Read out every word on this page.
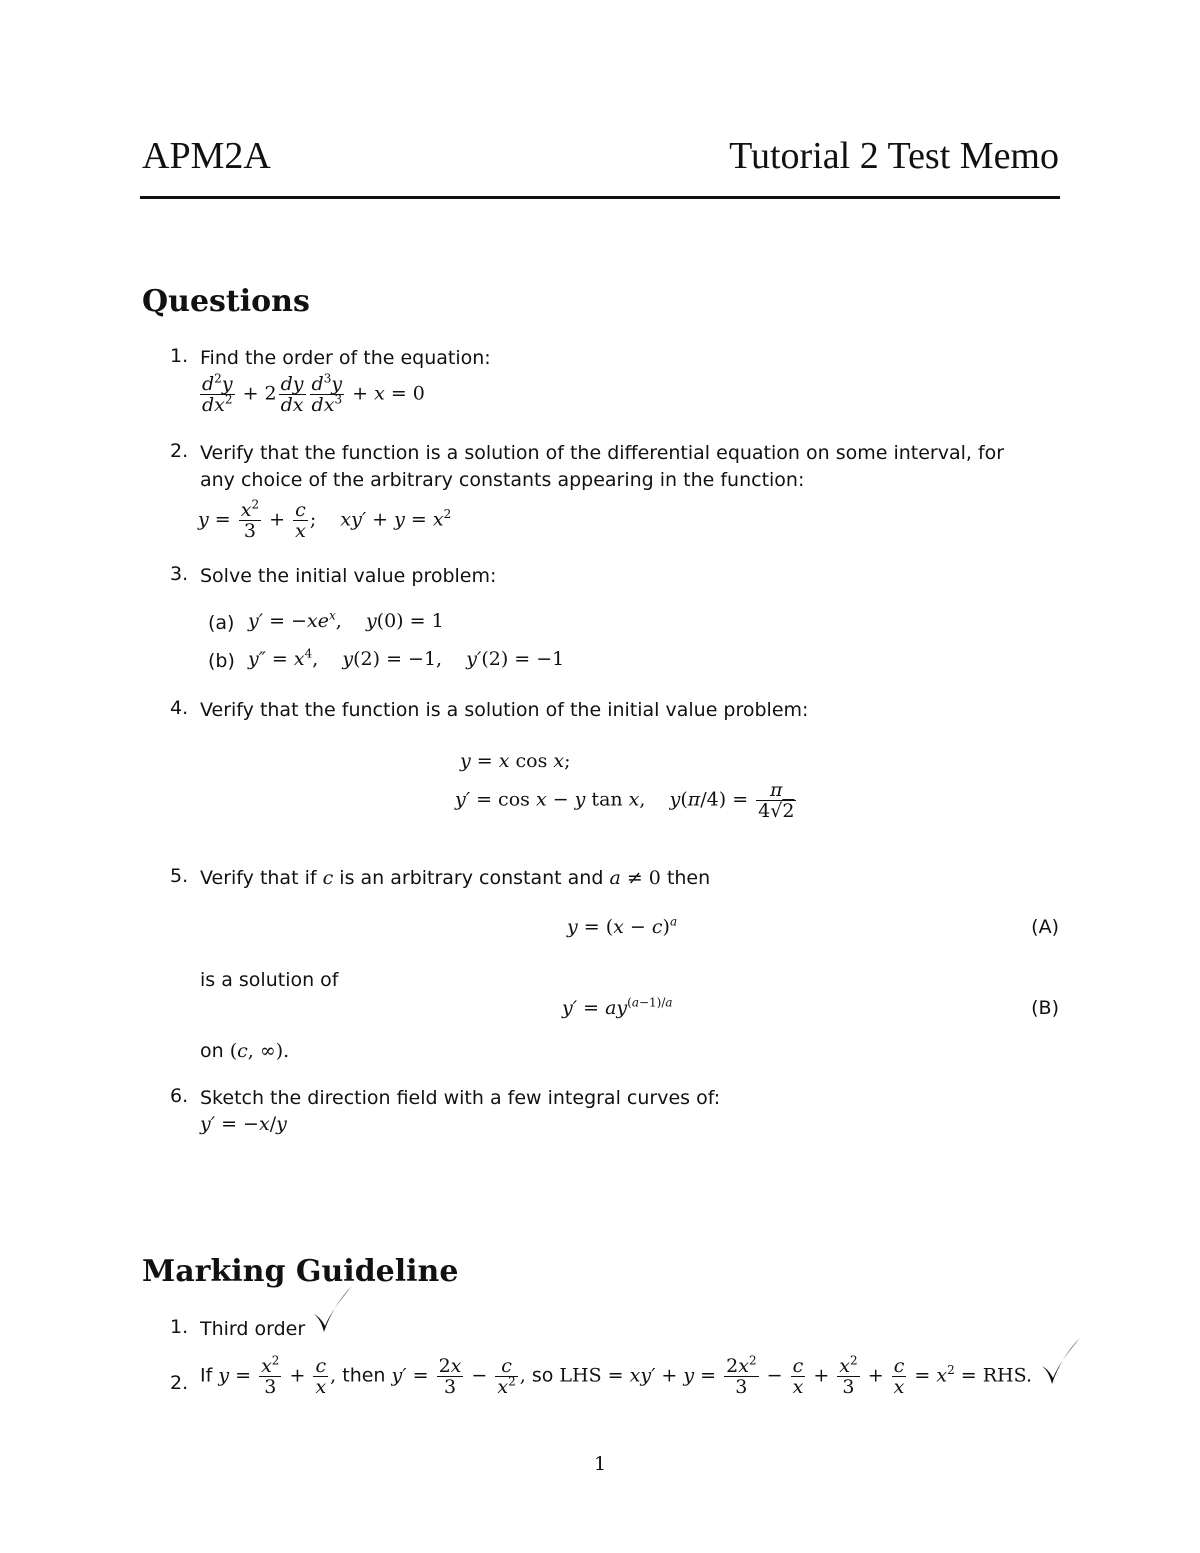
APM2A	Tutorial 2 Test Memo
Questions
1. Find the order of the equation:
$\frac{d^2y}{dx^2} + 2 \frac{dy}{dx} \frac{d^3y}{dx^3} + x = 0$
2. Verify that the function is a solution of the differential equation on some interval, for
any choice of the arbitrary constants appearing in the function:
$y = \frac{x^2}{3} + \frac{c}{x}$ ;    $xy' + y = x^2$
3. Solve the initial value problem:
(a) $y' = -xe^x$,    y(0) = 1
(b) $y'' = x^4$,    y(2) = −1,    y′(2) = −1
4. Verify that the function is a solution of the initial value problem:
y = x cos x;
y′ = cos x − y tan x,    $y(\pi/4) = \frac{\pi}{4√2}$
5. Verify that if c is an arbitrary constant and a ≠ 0 then
$y = (x - c)^a$	(A)
is a solution of
$y' = ay^{(a-1)/a}$	(B)
on (c, ∞).
6. Sketch the direction field with a few integral curves of:
y′ = −x/y
Marking Guideline
1. Third order
2. If $y = \frac{x^2}{3} + \frac{c}{x}$ , then $y' = \frac{2x}{3} - \frac{c}{x^2}$ , so LHS = $xy' + y = \frac{2x^2}{3} - \frac{c}{x} + \frac{x^2}{3} + \frac{c}{x} = x^2$ = RHS.
1
